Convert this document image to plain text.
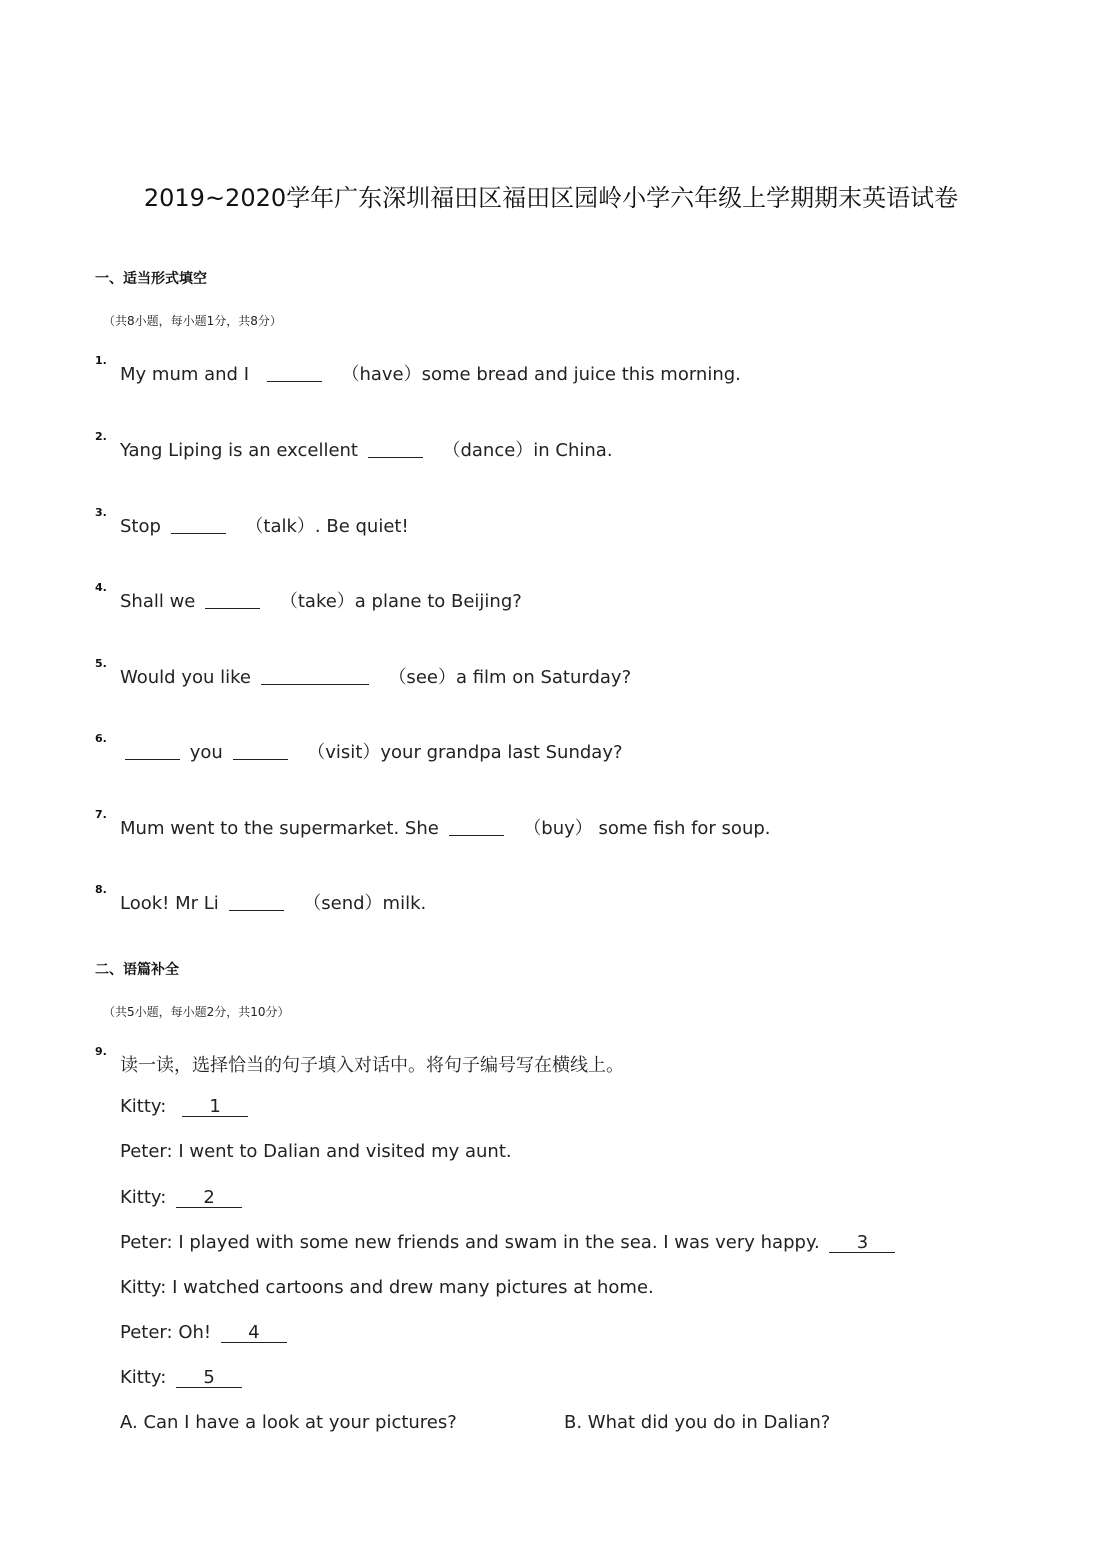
2019~2020学年广东深圳福田区福田区园岭小学六年级上学期期末英语试卷
一、适当形式填空
（共8小题，每小题1分，共8分）
1.
My mum and I	（have）some bread and juice this morning.
2.
Yang Liping is an excellent	（dance）in China.
3.
Stop	（talk）. Be quiet!
4.
Shall we	（take）a plane to Beijing?
5.
Would you like	（see）a film on Saturday?
6.
you	（visit）your grandpa last Sunday?
7.
Mum went to the supermarket. She	（buy） some fish for soup.
8.
Look! Mr Li	（send）milk.
二、语篇补全
（共5小题，每小题2分，共10分）
9.
读一读，选择恰当的句子填入对话中。将句子编号写在横线上。
Kitty: 1
Peter: I went to Dalian and visited my aunt.
Kitty: 2
Peter: I played with some new friends and swam in the sea. I was very happy. 3
Kitty: I watched cartoons and drew many pictures at home.
Peter: Oh! 4
Kitty: 5
A. Can I have a look at your pictures?	B. What did you do in Dalian?
